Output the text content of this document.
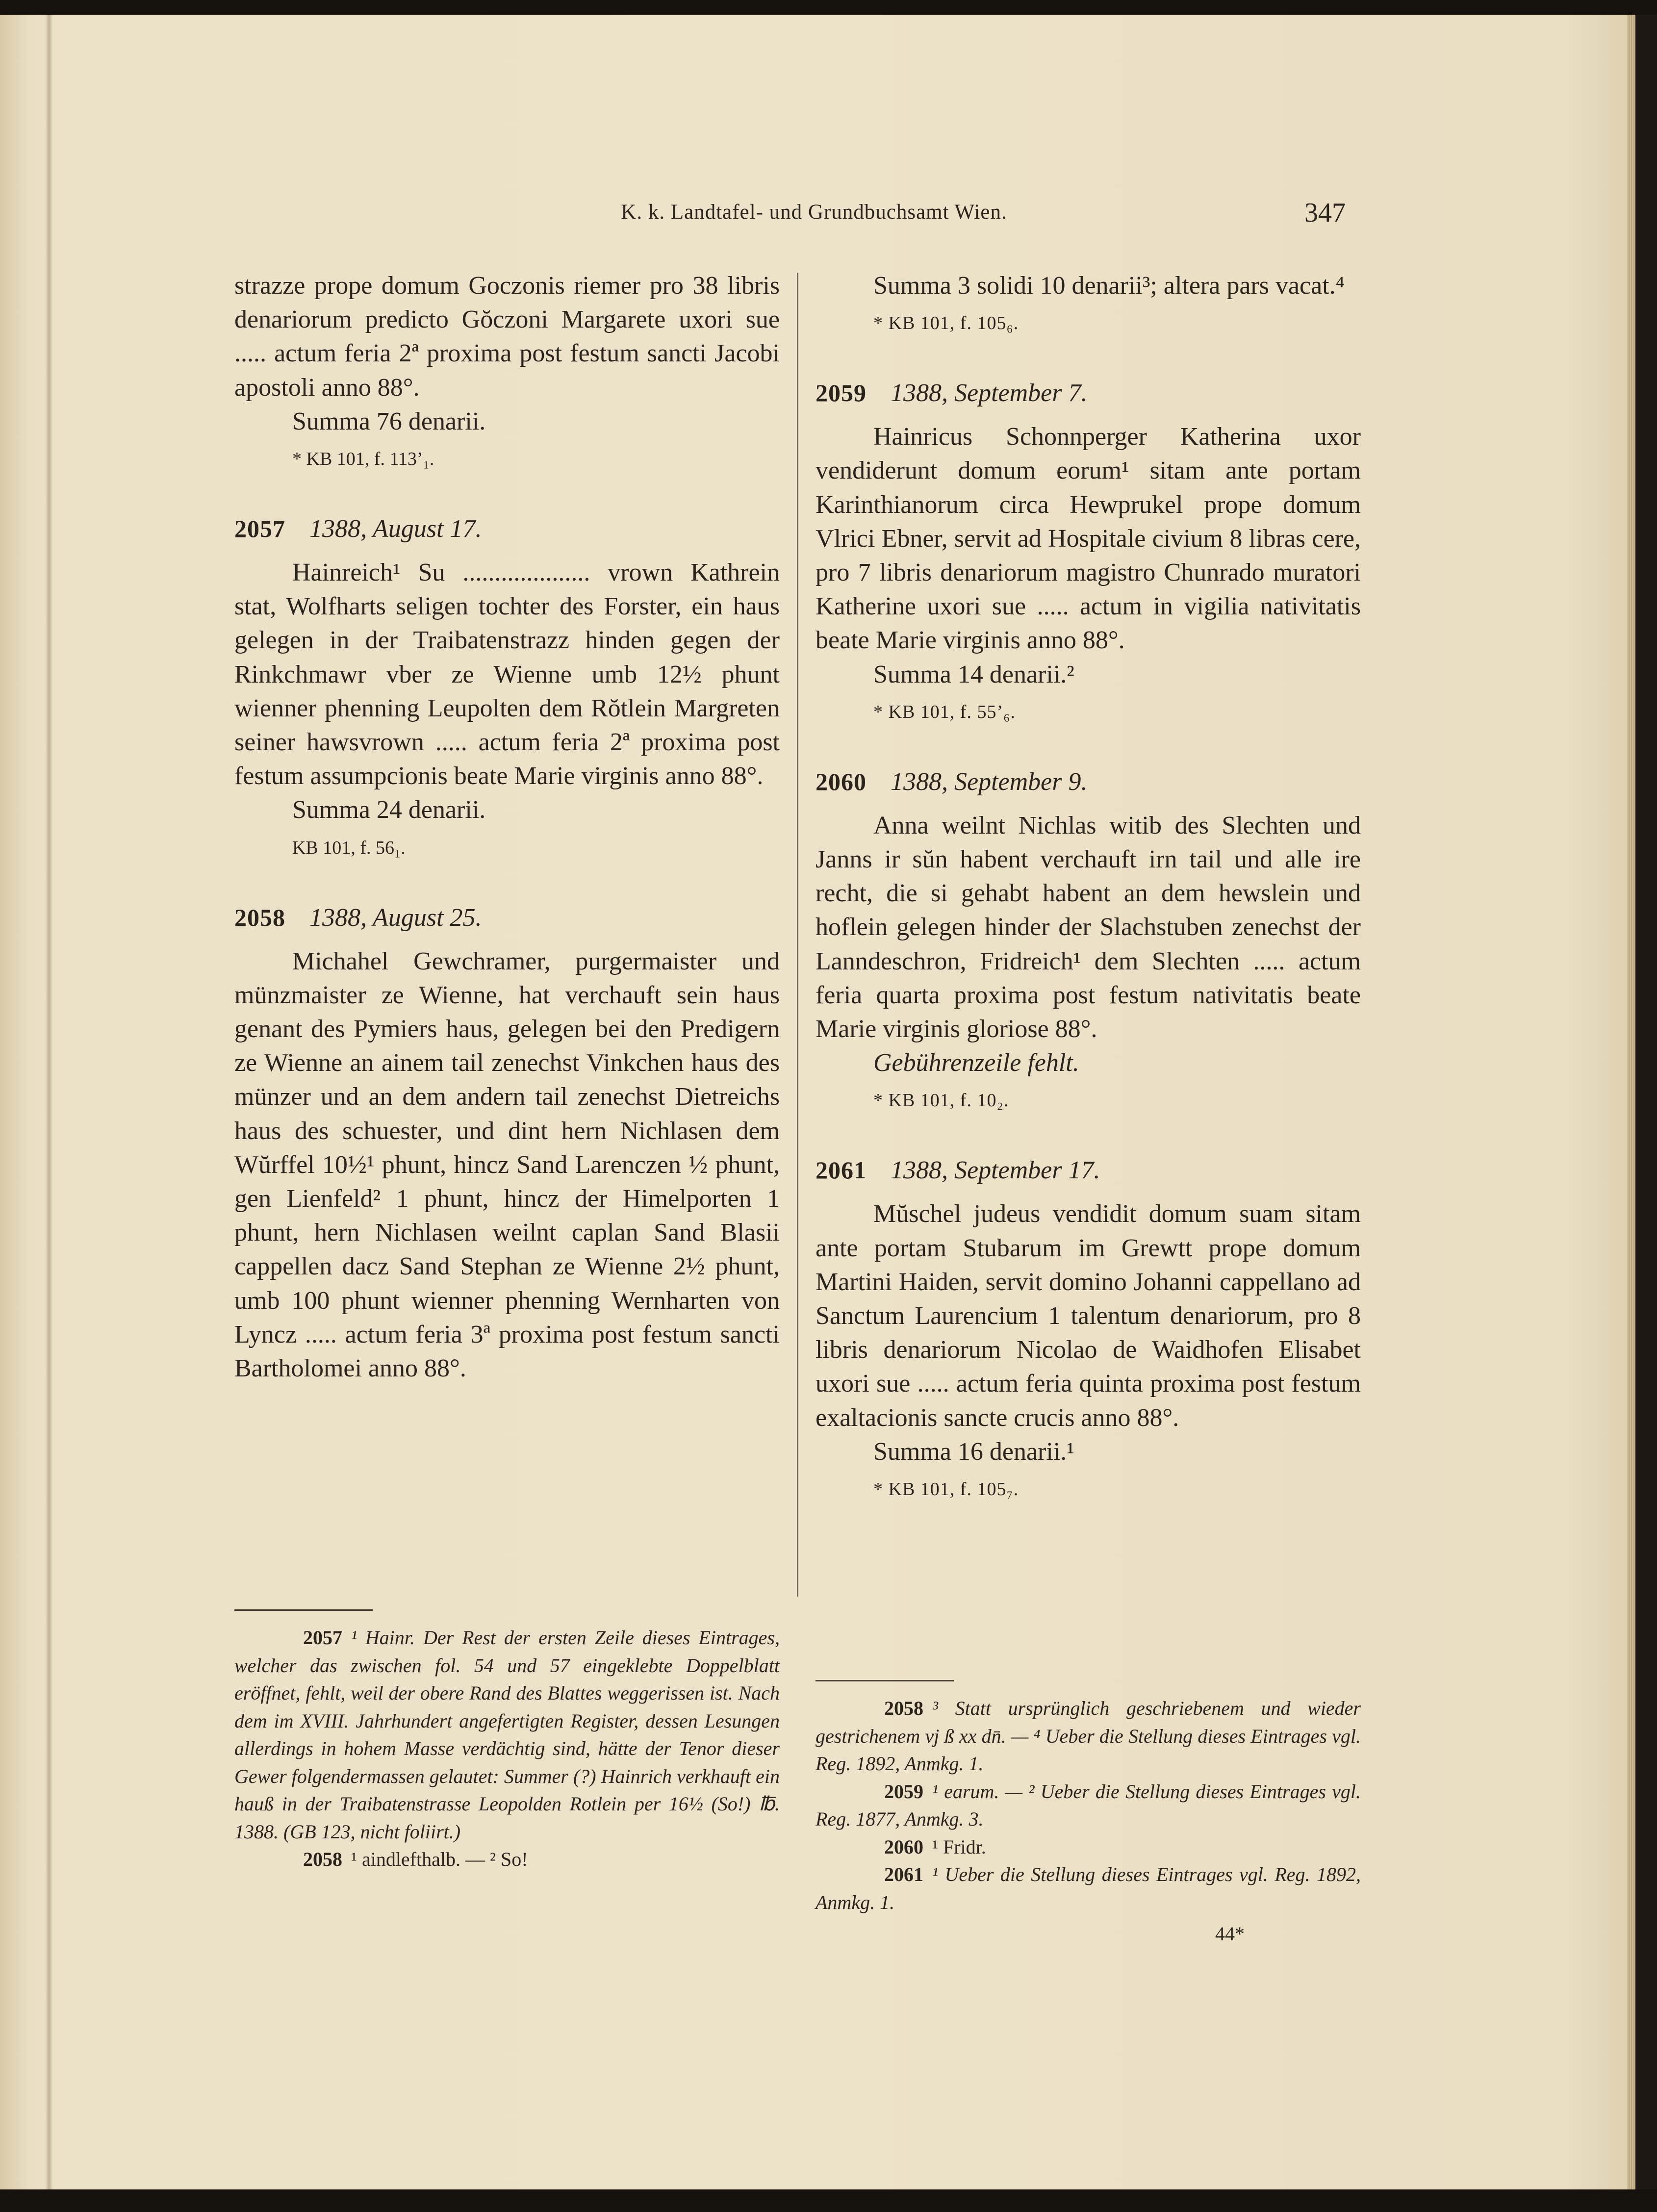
K. k. Landtafel- und Grundbuchsamt Wien.	347

strazze prope domum Goczonis riemer pro 38 libris denariorum predicto Gŏczoni Margarete uxori sue ..... actum feria 2ª proxima post festum sancti Jacobi apostoli anno 88°.

Summa 76 denarii.

* KB 101, f. 113’₁.
2057 1388, August 17.

Hainreich¹ Su .................... vrown Kathrein stat, Wolfharts seligen tochter des Forster, ein haus gelegen in der Traibatenstrazz hinden gegen der Rinkchmawr vber ze Wienne umb 12½ phunt wienner phenning Leupolten dem Rŏtlein Margreten seiner hawsvrown ..... actum feria 2ª proxima post festum assumpcionis beate Marie virginis anno 88°.

Summa 24 denarii.

KB 101, f. 56₁.
2058 1388, August 25.

Michahel Gewchramer, purgermaister und münzmaister ze Wienne, hat verchauft sein haus genant des Pymiers haus, gelegen bei den Predigern ze Wienne an ainem tail zenechst Vinkchen haus des münzer und an dem andern tail zenechst Dietreichs haus des schuester, und dint hern Nichlasen dem Wŭrffel 10½¹ phunt, hincz Sand Larenczen ½ phunt, gen Lienfeld² 1 phunt, hincz der Himelporten 1 phunt, hern Nichlasen weilnt caplan Sand Blasii cappellen dacz Sand Stephan ze Wienne 2½ phunt, umb 100 phunt wienner phenning Wernharten von Lyncz ..... actum feria 3ª proxima post festum sancti Bartholomei anno 88°.

2057 ¹ Hainr. Der Rest der ersten Zeile dieses Eintrages, welcher das zwischen fol. 54 und 57 eingeklebte Doppelblatt eröffnet, fehlt, weil der obere Rand des Blattes weggerissen ist. Nach dem im XVIII. Jahrhundert angefertigten Register, dessen Lesungen allerdings in hohem Masse verdächtig sind, hätte der Tenor dieser Gewer folgendermassen gelautet: Summer (?) Hainrich verkhauft ein hauß in der Traibatenstrasse Leopolden Rotlein per 16½ (So!) ℔. 1388. (GB 123, nicht foliirt.)

2058 ¹ aindlefthalb. — ² So!

Summa 3 solidi 10 denarii³; altera pars vacat.⁴

* KB 101, f. 105₆.
2059 1388, September 7.

Hainricus Schonnperger Katherina uxor vendiderunt domum eorum¹ sitam ante portam Karinthianorum circa Hewprukel prope domum Vlrici Ebner, servit ad Hospitale civium 8 libras cere, pro 7 libris denariorum magistro Chunrado muratori Katherine uxori sue ..... actum in vigilia nativitatis beate Marie virginis anno 88°.

Summa 14 denarii.²

* KB 101, f. 55’₆.
2060 1388, September 9.

Anna weilnt Nichlas witib des Slechten und Janns ir sŭn habent verchauft irn tail und alle ire recht, die si gehabt habent an dem hewslein und hoflein gelegen hinder der Slachstuben zenechst der Lanndeschron, Fridreich¹ dem Slechten ..... actum feria quarta proxima post festum nativitatis beate Marie virginis gloriose 88°.

Gebührenzeile fehlt.

* KB 101, f. 10₂.
2061 1388, September 17.

Mŭschel judeus vendidit domum suam sitam ante portam Stubarum im Grewtt prope domum Martini Haiden, servit domino Johanni cappellano ad Sanctum Laurencium 1 talentum denariorum, pro 8 libris denariorum Nicolao de Waidhofen Elisabet uxori sue ..... actum feria quinta proxima post festum exaltacionis sancte crucis anno 88°.

Summa 16 denarii.¹

* KB 101, f. 105₇.

2058 ³ Statt ursprünglich geschriebenem und wieder gestrichenem vj ß xx dn̄. — ⁴ Ueber die Stellung dieses Eintrages vgl. Reg. 1892, Anmkg. 1.

2059 ¹ earum. — ² Ueber die Stellung dieses Eintrages vgl. Reg. 1877, Anmkg. 3.

2060 ¹ Fridr.

2061 ¹ Ueber die Stellung dieses Eintrages vgl. Reg. 1892, Anmkg. 1.

44*
